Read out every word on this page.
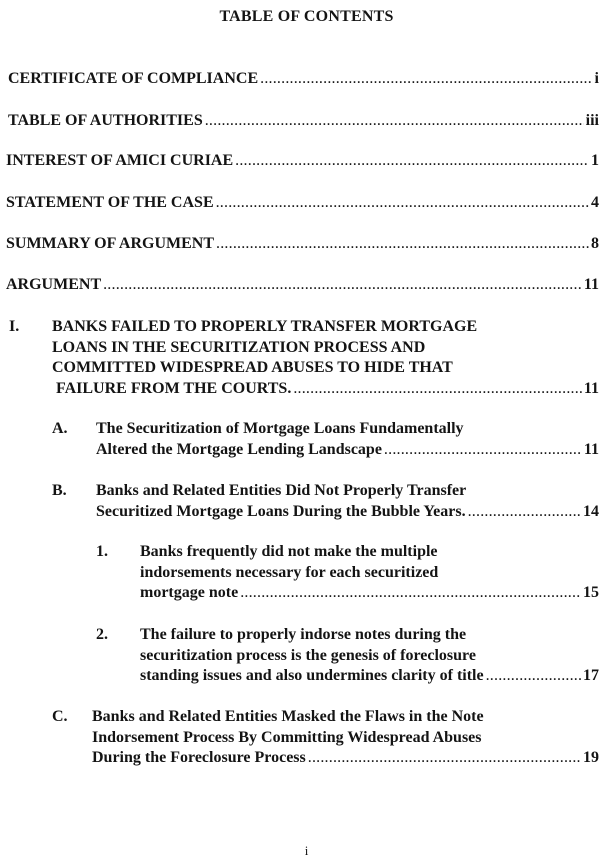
TABLE OF CONTENTS
CERTIFICATE OF COMPLIANCE . . .	i
TABLE OF AUTHORITIES . . .	iii
INTEREST OF AMICI CURIAE . . .	1
STATEMENT OF THE CASE . . .	4
SUMMARY OF ARGUMENT . . .	8
ARGUMENT . . .	11
I. BANKS FAILED TO PROPERLY TRANSFER MORTGAGE
LOANS IN THE SECURITIZATION PROCESS AND
COMMITTED WIDESPREAD ABUSES TO HIDE THAT
FAILURE FROM THE COURTS. . . .	11
A. The Securitization of Mortgage Loans Fundamentally
Altered the Mortgage Lending Landscape . . .	11
B. Banks and Related Entities Did Not Properly Transfer
Securitized Mortgage Loans During the Bubble Years. . . .	14
1. Banks frequently did not make the multiple
indorsements necessary for each securitized
mortgage note . . .	15
2. The failure to properly indorse notes during the
securitization process is the genesis of foreclosure
standing issues and also undermines clarity of title . . .	17
C. Banks and Related Entities Masked the Flaws in the Note
Indorsement Process By Committing Widespread Abuses
During the Foreclosure Process . . .	19
i
